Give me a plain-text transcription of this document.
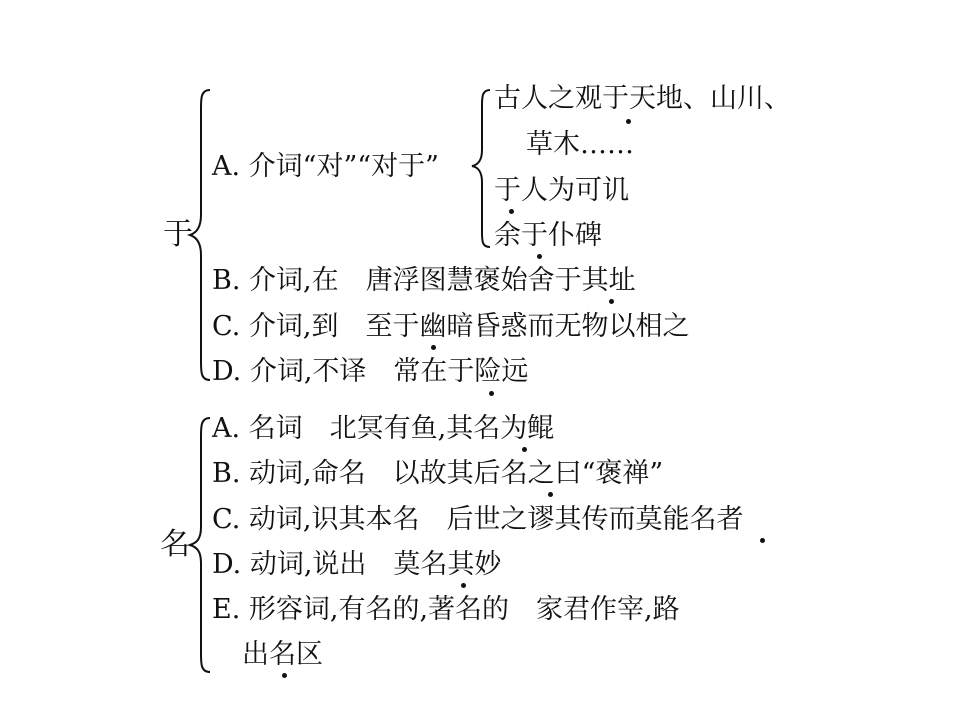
于
A. 介词“对”“对于”
古人之观于天地、山川、
草木……
于人为可讥
余于仆碑
B. 介词,在　唐浮图慧褒始舍于其址
C. 介词,到　至于幽暗昏惑而无物以相之
D. 介词,不译　常在于险远
名
A. 名词　北冥有鱼,其名为鲲
B. 动词,命名　以故其后名之曰“褒禅”
C. 动词,识其本名　后世之谬其传而莫能名者
D. 动词,说出　莫名其妙
E. 形容词,有名的,著名的　家君作宰,路
出名区
